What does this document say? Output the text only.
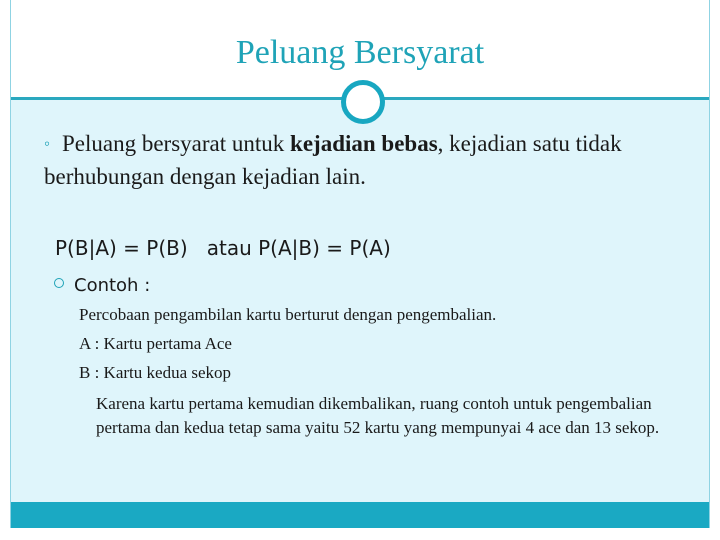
Peluang Bersyarat
◦ Peluang bersyarat untuk kejadian bebas, kejadian satu tidak berhubungan dengan kejadian lain.
P(B|A) = P(B)   atau P(A|B) = P(A)
Contoh :
Percobaan pengambilan kartu berturut dengan pengembalian.
A : Kartu pertama Ace
B : Kartu kedua sekop
Karena kartu pertama kemudian dikembalikan, ruang contoh untuk pengembalian pertama dan kedua tetap sama yaitu 52 kartu yang mempunyai 4 ace dan 13 sekop.
